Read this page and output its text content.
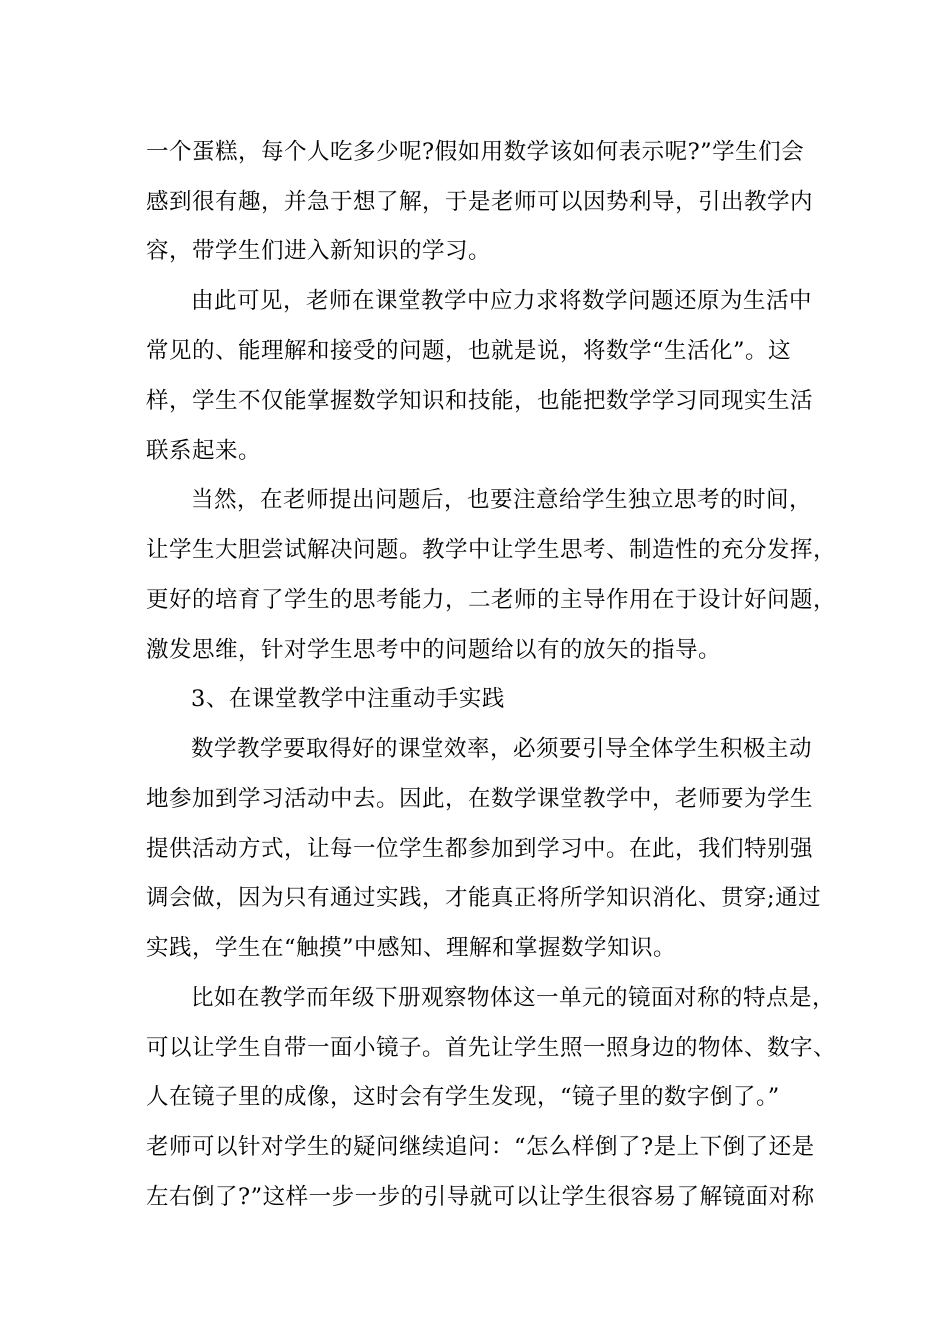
一个蛋糕，每个人吃多少呢?假如用数学该如何表示呢?”学生们会
感到很有趣，并急于想了解，于是老师可以因势利导，引出教学内
容，带学生们进入新知识的学习。
由此可见，老师在课堂教学中应力求将数学问题还原为生活中
常见的、能理解和接受的问题，也就是说，将数学“生活化”。这
样，学生不仅能掌握数学知识和技能，也能把数学学习同现实生活
联系起来。
当然，在老师提出问题后，也要注意给学生独立思考的时间，
让学生大胆尝试解决问题。教学中让学生思考、制造性的充分发挥，
更好的培育了学生的思考能力，二老师的主导作用在于设计好问题，
激发思维，针对学生思考中的问题给以有的放矢的指导。
3、在课堂教学中注重动手实践
数学教学要取得好的课堂效率，必须要引导全体学生积极主动
地参加到学习活动中去。因此，在数学课堂教学中，老师要为学生
提供活动方式，让每一位学生都参加到学习中。在此，我们特别强
调会做，因为只有通过实践，才能真正将所学知识消化、贯穿;通过
实践，学生在“触摸”中感知、理解和掌握数学知识。
比如在教学而年级下册观察物体这一单元的镜面对称的特点是，
可以让学生自带一面小镜子。首先让学生照一照身边的物体、数字、
人在镜子里的成像，这时会有学生发现，“镜子里的数字倒了。”
老师可以针对学生的疑问继续追问：“怎么样倒了?是上下倒了还是
左右倒了?”这样一步一步的引导就可以让学生很容易了解镜面对称
